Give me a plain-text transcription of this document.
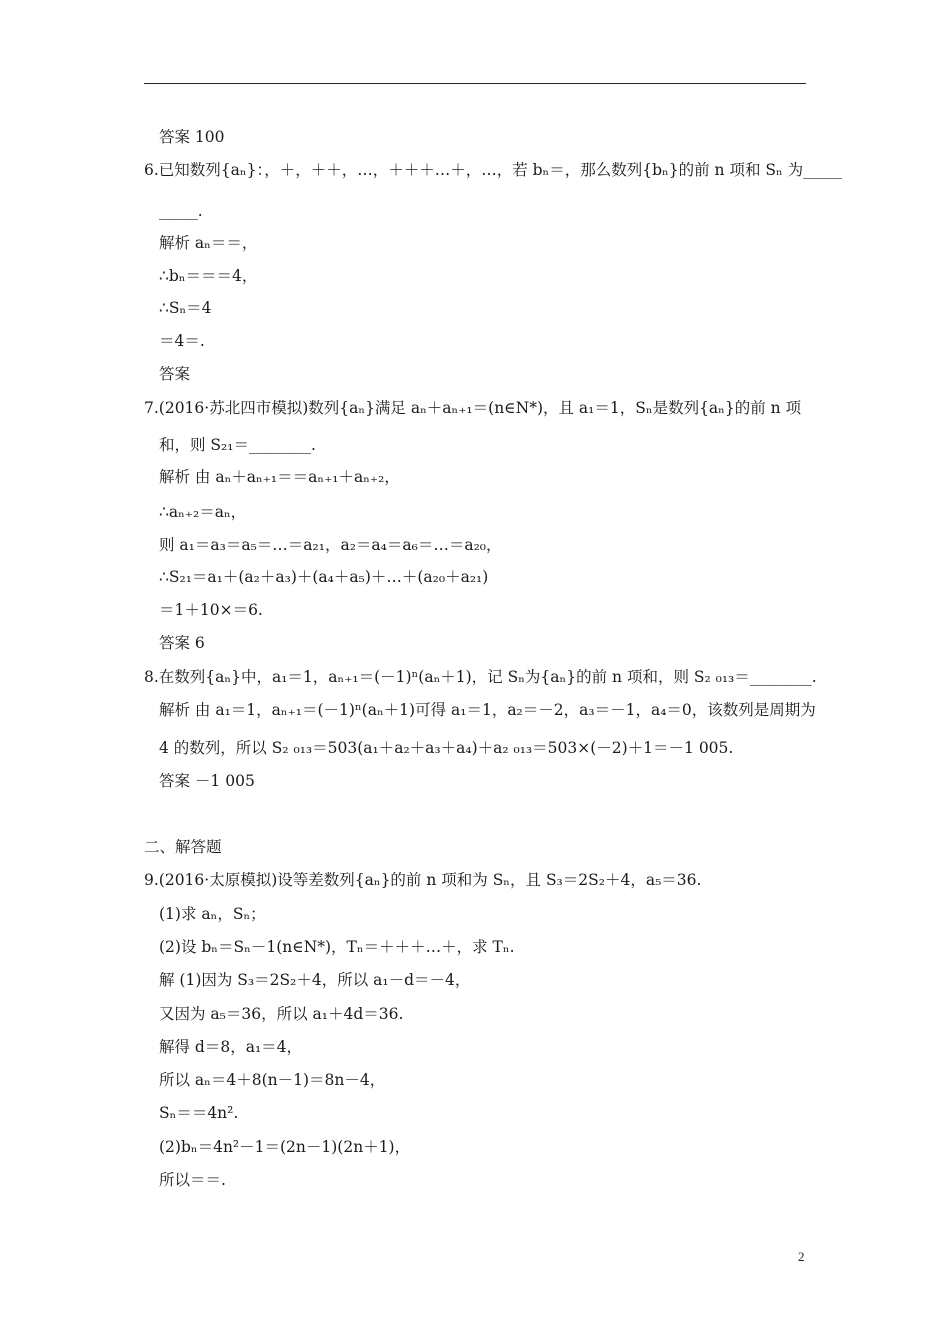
答案 100
6.已知数列{aₙ}：，＋，＋＋，…，＋＋＋…＋，…，若 bₙ＝，那么数列{bₙ}的前 n 项和 Sₙ 为_____
_____.
解析 aₙ＝＝，
∴bₙ＝＝＝4，
∴Sₙ＝4
＝4＝.
答案
7.(2016·苏北四市模拟)数列{aₙ}满足 aₙ＋aₙ₊₁＝(n∈N*)，且 a₁＝1，Sₙ是数列{aₙ}的前 n 项
和，则 S₂₁＝________.
解析 由 aₙ＋aₙ₊₁＝＝aₙ₊₁＋aₙ₊₂，
∴aₙ₊₂＝aₙ，
则 a₁＝a₃＝a₅＝…＝a₂₁，a₂＝a₄＝a₆＝…＝a₂₀，
∴S₂₁＝a₁＋(a₂＋a₃)＋(a₄＋a₅)＋…＋(a₂₀＋a₂₁)
＝1＋10×＝6.
答案 6
8.在数列{aₙ}中，a₁＝1，aₙ₊₁＝(－1)ⁿ(aₙ＋1)，记 Sₙ为{aₙ}的前 n 项和，则 S₂ ₀₁₃＝________.
解析 由 a₁＝1，aₙ₊₁＝(－1)ⁿ(aₙ＋1)可得 a₁＝1，a₂＝－2，a₃＝－1，a₄＝0，该数列是周期为
4 的数列，所以 S₂ ₀₁₃＝503(a₁＋a₂＋a₃＋a₄)＋a₂ ₀₁₃＝503×(－2)＋1＝－1 005.
答案 －1 005
二、解答题
9.(2016·太原模拟)设等差数列{aₙ}的前 n 项和为 Sₙ，且 S₃＝2S₂＋4，a₅＝36.
(1)求 aₙ，Sₙ；
(2)设 bₙ＝Sₙ－1(n∈N*)，Tₙ＝＋＋＋…＋，求 Tₙ.
解 (1)因为 S₃＝2S₂＋4，所以 a₁－d＝－4，
又因为 a₅＝36，所以 a₁＋4d＝36.
解得 d＝8，a₁＝4，
所以 aₙ＝4＋8(n－1)＝8n－4，
Sₙ＝＝4n².
(2)bₙ＝4n²－1＝(2n－1)(2n＋1)，
所以＝＝.
2
